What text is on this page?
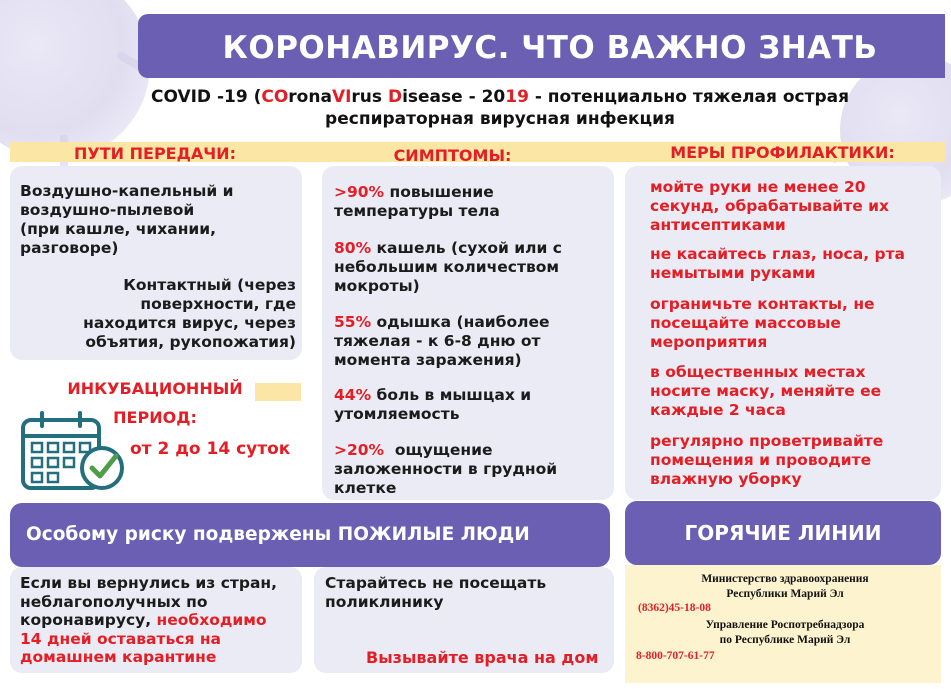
КОРОНАВИРУС. ЧТО ВАЖНО ЗНАТЬ
COVID -19 (COronaVIrus Disease - 2019 - потенциально тяжелая острая
респираторная вирусная инфекция
ПУТИ ПЕРЕДАЧИ:	СИМПТОМЫ:	МЕРЫ ПРОФИЛАКТИКИ:
Воздушно-капельный и
воздушно-пылевой
(при кашле, чихании,
разговоре)
Контактный (через
поверхности, где
находится вирус, через
объятия, рукопожатия)
ИНКУБАЦИОННЫЙ
ПЕРИОД:
от 2 до 14 суток
>90% повышение
температуры тела
80% кашель (сухой или с
небольшим количеством
мокроты)
55% одышка (наиболее
тяжелая - к 6-8 дню от
момента заражения)
44% боль в мышцах и
утомляемость
>20%  ощущение
заложенности в грудной
клетке
мойте руки не менее 20
секунд, обрабатывайте их
антисептиками
не касайтесь глаз, носа, рта
немытыми руками
ограничьте контакты, не
посещайте массовые
мероприятия
в общественных местах
носите маску, меняйте ее
каждые 2 часа
регулярно проветривайте
помещения и проводите
влажную уборку
Особому риску подвержены ПОЖИЛЫЕ ЛЮДИ	ГОРЯЧИЕ ЛИНИИ
Если вы вернулись из стран,
неблагополучных по
коронавирусу, необходимо
14 дней оставаться на
домашнем карантине
Старайтесь не посещать
поликлинику
Вызывайте врача на дом
Министерство здравоохранения
Республики Марий Эл
(8362)45-18-08
Управление Роспотребнадзора
по Республике Марий Эл
8-800-707-61-77
